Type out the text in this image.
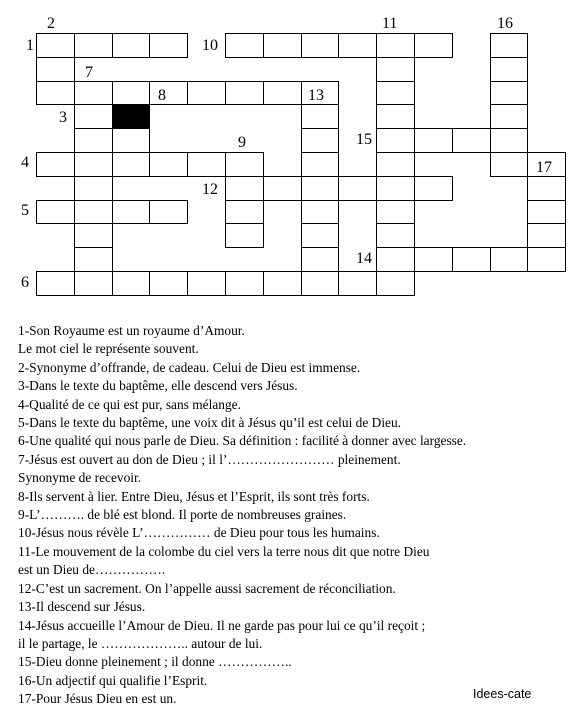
1
2
3
4
5
6
7
8
9
10
11
12
13
14
15
16
17
1-Son Royaume est un royaume d’Amour.
Le mot ciel le représente souvent.
2-Synonyme d’offrande, de cadeau. Celui de Dieu est immense.
3-Dans le texte du baptême, elle descend vers Jésus.
4-Qualité de ce qui est pur, sans mélange.
5-Dans le texte du baptême, une voix dit à Jésus qu’il est celui de Dieu.
6-Une qualité qui nous parle de Dieu. Sa définition : facilité à donner avec largesse.
7-Jésus est ouvert au don de Dieu ; il l’…………………… pleinement.
Synonyme de recevoir.
8-Ils servent à lier. Entre Dieu, Jésus et l’Esprit, ils sont très forts.
9-L’………. de blé est blond. Il porte de nombreuses graines.
10-Jésus nous révèle L’…………… de Dieu pour tous les humains.
11-Le mouvement de la colombe du ciel vers la terre nous dit que notre Dieu
est un Dieu de…………….
12-C’est un sacrement. On l’appelle aussi sacrement de réconciliation.
13-Il descend sur Jésus.
14-Jésus accueille l’Amour de Dieu. Il ne garde pas pour lui ce qu’il reçoit ;
il le partage, le ……………….. autour de lui.
15-Dieu donne pleinement ; il donne ……………..
16-Un adjectif qui qualifie l’Esprit.
17-Pour Jésus Dieu en est un.	Idees-cate
